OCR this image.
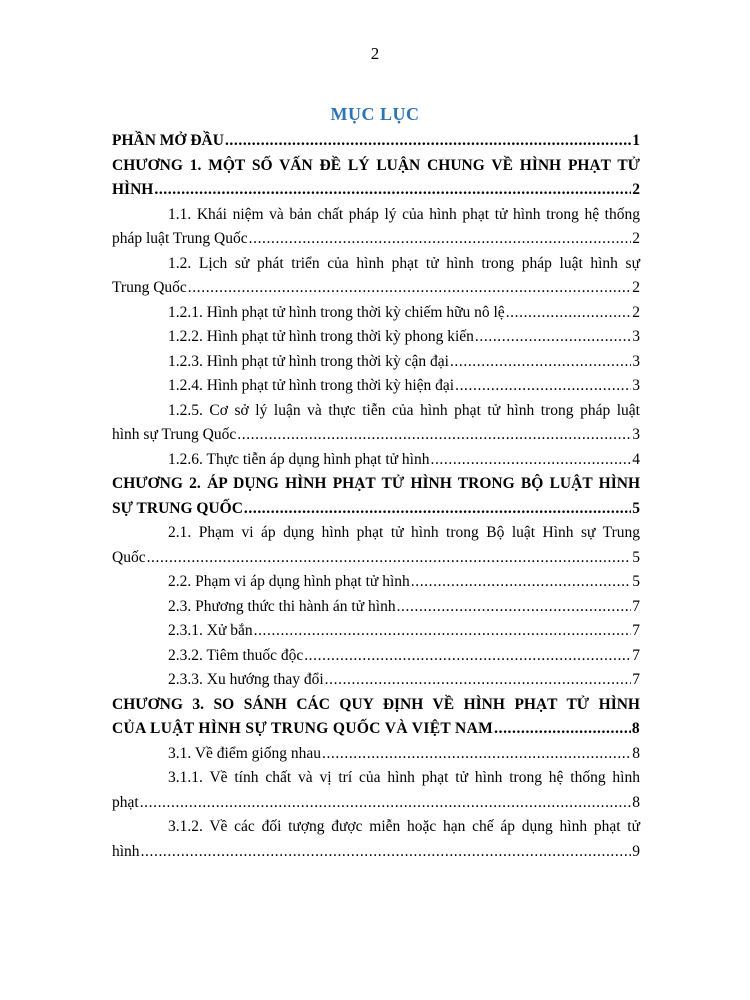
2
MỤC LỤC
PHẦN MỞ ĐẦU .....	1
CHƯƠNG 1. MỘT SỐ VẤN ĐỀ LÝ LUẬN CHUNG VỀ HÌNH PHẠT TỬ
HÌNH .....	2
1.1. Khái niệm và bản chất pháp lý của hình phạt tử hình trong hệ thống
pháp luật Trung Quốc .....	2
1.2. Lịch sử phát triển của hình phạt tử hình trong pháp luật hình sự
Trung Quốc .....	2
1.2.1. Hình phạt tử hình trong thời kỳ chiếm hữu nô lệ .....	2
1.2.2. Hình phạt tử hình trong thời kỳ phong kiến .....	3
1.2.3. Hình phạt tử hình trong thời kỳ cận đại .....	3
1.2.4. Hình phạt tử hình trong thời kỳ hiện đại .....	3
1.2.5. Cơ sở lý luận và thực tiễn của hình phạt tử hình trong pháp luật
hình sự Trung Quốc .....	3
1.2.6. Thực tiễn áp dụng hình phạt tử hình .....	4
CHƯƠNG 2. ÁP DỤNG HÌNH PHẠT TỬ HÌNH TRONG BỘ LUẬT HÌNH
SỰ TRUNG QUỐC .....	5
2.1. Phạm vi áp dụng hình phạt tử hình trong Bộ luật Hình sự Trung
Quốc .....	5
2.2. Phạm vi áp dụng hình phạt tử hình .....	5
2.3. Phương thức thi hành án tử hình .....	7
2.3.1. Xử bắn .....	7
2.3.2. Tiêm thuốc độc .....	7
2.3.3. Xu hướng thay đổi .....	7
CHƯƠNG 3. SO SÁNH CÁC QUY ĐỊNH VỀ HÌNH PHẠT TỬ HÌNH
CỦA LUẬT HÌNH SỰ TRUNG QUỐC VÀ VIỆT NAM .....	8
3.1. Về điểm giống nhau .....	8
3.1.1. Về tính chất và vị trí của hình phạt tử hình trong hệ thống hình
phạt .....	8
3.1.2. Về các đối tượng được miễn hoặc hạn chế áp dụng hình phạt tử
hình .....	9
